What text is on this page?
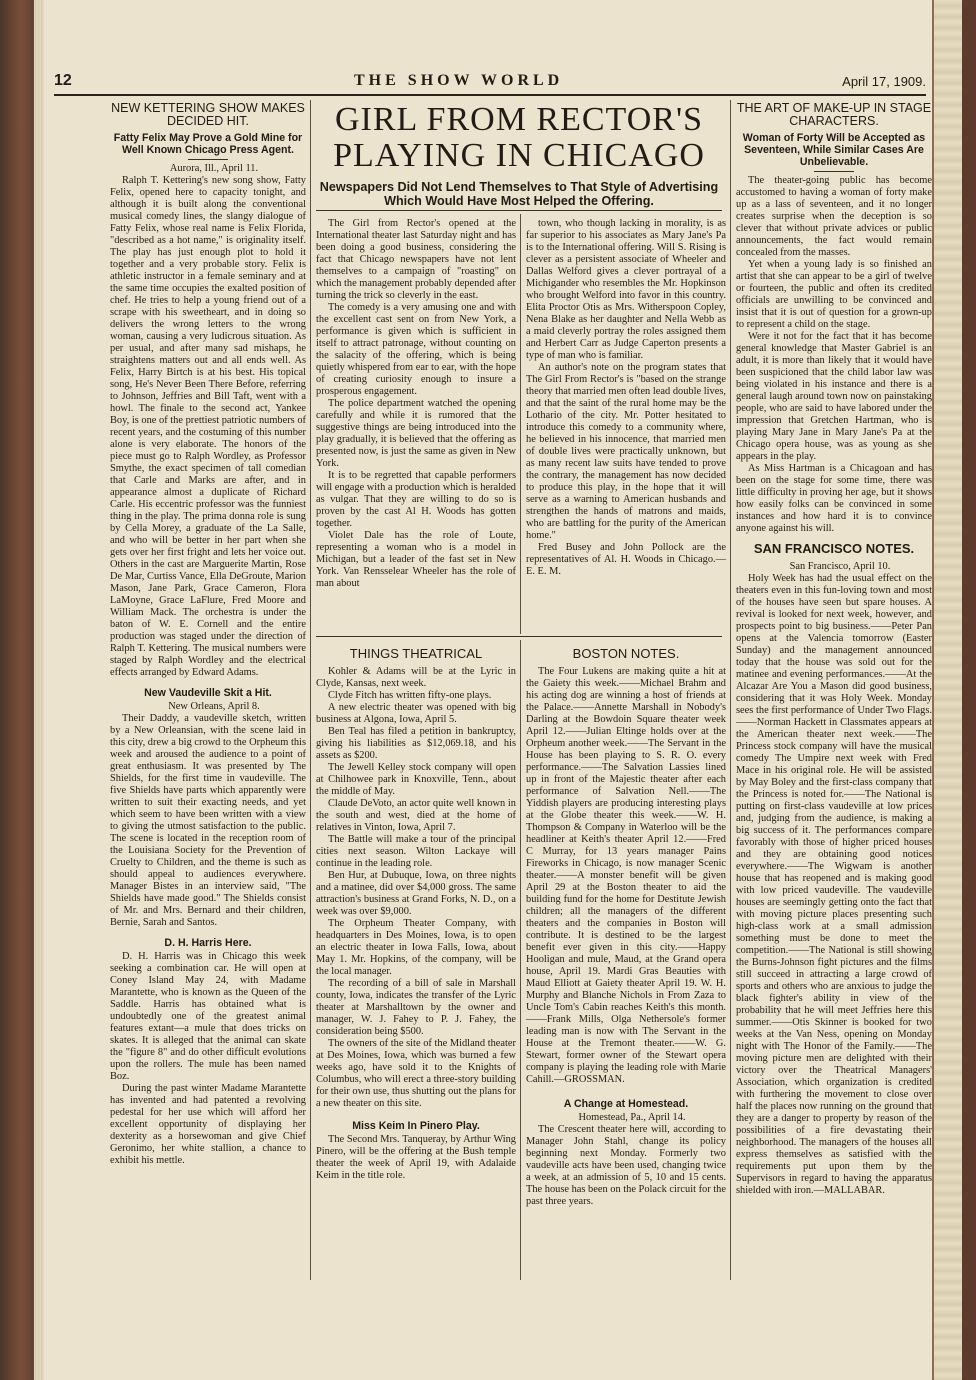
12	THE SHOW WORLD	April 17, 1909.
NEW KETTERING SHOW MAKES DECIDED HIT.
Fatty Felix May Prove a Gold Mine for Well Known Chicago Press Agent.

Aurora, Ill., April 11.

Ralph T. Kettering's new song show, Fatty Felix, opened here to capacity tonight, and although it is built along the conventional musical comedy lines, the slangy dialogue of Fatty Felix, whose real name is Felix Florida, "described as a hot name," is originality itself. The play has just enough plot to hold it together and a very probable story. Felix is athletic instructor in a female seminary and at the same time occupies the exalted position of chef. He tries to help a young friend out of a scrape with his sweetheart, and in doing so delivers the wrong letters to the wrong woman, causing a very ludicrous situation. As per usual, and after many sad mishaps, he straightens matters out and all ends well. As Felix, Harry Birtch is at his best. His topical song, He's Never Been There Before, referring to Johnson, Jeffries and Bill Taft, went with a howl. The finale to the second act, Yankee Boy, is one of the prettiest patriotic numbers of recent years, and the costuming of this number alone is very elaborate. The honors of the piece must go to Ralph Wordley, as Professor Smythe, the exact specimen of tall comedian that Carle and Marks are after, and in appearance almost a duplicate of Richard Carle. His eccentric professor was the funniest thing in the play. The prima donna role is sung by Cella Morey, a graduate of the La Salle, and who will be better in her part when she gets over her first fright and lets her voice out. Others in the cast are Marguerite Martin, Rose De Mar, Curtiss Vance, Ella DeGroute, Marion Mason, Jane Park, Grace Cameron, Flora LaMoyne, Grace LaFlure, Fred Moore and William Mack. The orchestra is under the baton of W. E. Cornell and the entire production was staged under the direction of Ralph T. Kettering. The musical numbers were staged by Ralph Wordley and the electrical effects arranged by Edward Adams.

New Vaudeville Skit a Hit.

New Orleans, April 8.

Their Daddy, a vaudeville sketch, written by a New Orleansian, with the scene laid in this city, drew a big crowd to the Orpheum this week and aroused the audience to a point of great enthusiasm. It was presented by The Shields, for the first time in vaudeville. The five Shields have parts which apparently were written to suit their exacting needs, and yet which seem to have been written with a view to giving the utmost satisfaction to the public. The scene is located in the reception room of the Louisiana Society for the Prevention of Cruelty to Children, and the theme is such as should appeal to audiences everywhere. Manager Bistes in an interview said, "The Shields have made good." The Shields consist of Mr. and Mrs. Bernard and their children, Bernie, Sarah and Santos.

D. H. Harris Here.

D. H. Harris was in Chicago this week seeking a combination car. He will open at Coney Island May 24, with Madame Marantette, who is known as the Queen of the Saddle. Harris has obtained what is undoubtedly one of the greatest animal features extant—a mule that does tricks on skates. It is alleged that the animal can skate the "figure 8" and do other difficult evolutions upon the rollers. The mule has been named Boz.

During the past winter Madame Marantette has invented and had patented a revolving pedestal for her use which will afford her excellent opportunity of displaying her dexterity as a horsewoman and give Chief Geronimo, her white stallion, a chance to exhibit his mettle.

GIRL FROM RECTOR'S
PLAYING IN CHICAGO
Newspapers Did Not Lend Themselves to That Style of Advertising Which Would Have Most Helped the Offering.

The Girl from Rector's opened at the International theater last Saturday night and has been doing a good business, considering the fact that Chicago newspapers have not lent themselves to a campaign of "roasting" on which the management probably depended after turning the trick so cleverly in the east.

The comedy is a very amusing one and with the excellent cast sent on from New York, a performance is given which is sufficient in itself to attract patronage, without counting on the salacity of the offering, which is being quietly whispered from ear to ear, with the hope of creating curiosity enough to insure a prosperous engagement.

The police department watched the opening carefully and while it is rumored that the suggestive things are being introduced into the play gradually, it is believed that the offering as presented now, is just the same as given in New York.

It is to be regretted that capable performers will engage with a production which is heralded as vulgar. That they are willing to do so is proven by the cast Al H. Woods has gotten together.

Violet Dale has the role of Loute, representing a woman who is a model in Michigan, but a leader of the fast set in New York. Van Rensselear Wheeler has the role of man about

town, who though lacking in morality, is as far superior to his associates as Mary Jane's Pa is to the International offering. Will S. Rising is clever as a persistent associate of Wheeler and Dallas Welford gives a clever portrayal of a Michigander who resembles the Mr. Hopkinson who brought Welford into favor in this country. Elita Proctor Otis as Mrs. Witherspoon Copley, Nena Blake as her daughter and Nella Webb as a maid cleverly portray the roles assigned them and Herbert Carr as Judge Caperton presents a type of man who is familiar.

An author's note on the program states that The Girl From Rector's is "based on the strange theory that married men often lead double lives, and that the saint of the rural home may be the Lothario of the city. Mr. Potter hesitated to introduce this comedy to a community where, he believed in his innocence, that married men of double lives were practically unknown, but as many recent law suits have tended to prove the contrary, the management has now decided to produce this play, in the hope that it will serve as a warning to American husbands and strengthen the hands of matrons and maids, who are battling for the purity of the American home."

Fred Busey and John Pollock are the representatives of Al. H. Woods in Chicago.—E. E. M.

THINGS THEATRICAL

Kohler & Adams will be at the Lyric in Clyde, Kansas, next week.

Clyde Fitch has written fifty-one plays.

A new electric theater was opened with big business at Algona, Iowa, April 5.

Ben Teal has filed a petition in bankruptcy, giving his liabilities as $12,069.18, and his assets as $200.

The Jewell Kelley stock company will open at Chilhowee park in Knoxville, Tenn., about the middle of May.

Claude DeVoto, an actor quite well known in the south and west, died at the home of relatives in Vinton, Iowa, April 7.

The Battle will make a tour of the principal cities next season. Wilton Lackaye will continue in the leading role.

Ben Hur, at Dubuque, Iowa, on three nights and a matinee, did over $4,000 gross. The same attraction's business at Grand Forks, N. D., on a week was over $9,000.

The Orpheum Theater Company, with headquarters in Des Moines, Iowa, is to open an electric theater in Iowa Falls, Iowa, about May 1. Mr. Hopkins, of the company, will be the local manager.

The recording of a bill of sale in Marshall county, Iowa, indicates the transfer of the Lyric theater at Marshalltown by the owner and manager, W. J. Fahey to P. J. Fahey, the consideration being $500.

The owners of the site of the Midland theater at Des Moines, Iowa, which was burned a few weeks ago, have sold it to the Knights of Columbus, who will erect a three-story building for their own use, thus shutting out the plans for a new theater on this site.

Miss Keim In Pinero Play.

The Second Mrs. Tanqueray, by Arthur Wing Pinero, will be the offering at the Bush temple theater the week of April 19, with Adalaide Keim in the title role.

BOSTON NOTES.

The Four Lukens are making quite a hit at the Gaiety this week.——Michael Brahm and his acting dog are winning a host of friends at the Palace.——Annette Marshall in Nobody's Darling at the Bowdoin Square theater week April 12.——Julian Eltinge holds over at the Orpheum another week.——The Servant in the House has been playing to S. R. O. every performance.——The Salvation Lassies lined up in front of the Majestic theater after each performance of Salvation Nell.——The Yiddish players are producing interesting plays at the Globe theater this week.——W. H. Thompson & Company in Waterloo will be the headliner at Keith's theater April 12.——Fred C Murray, for 13 years manager Pains Fireworks in Chicago, is now manager Scenic theater.——A monster benefit will be given April 29 at the Boston theater to aid the building fund for the home for Destitute Jewish children; all the managers of the different theaters and the companies in Boston will contribute. It is destined to be the largest benefit ever given in this city.——Happy Hooligan and mule, Maud, at the Grand opera house, April 19. Mardi Gras Beauties with Maud Elliott at Gaiety theater April 19. W. H. Murphy and Blanche Nichols in From Zaza to Uncle Tom's Cabin reaches Keith's this month.——Frank Mills, Olga Nethersole's former leading man is now with The Servant in the House at the Tremont theater.——W. G. Stewart, former owner of the Stewart opera company is playing the leading role with Marie Cahill.—GROSSMAN.

A Change at Homestead.

Homestead, Pa., April 14.

The Crescent theater here will, according to Manager John Stahl, change its policy beginning next Monday. Formerly two vaudeville acts have been used, changing twice a week, at an admission of 5, 10 and 15 cents. The house has been on the Polack circuit for the past three years.

THE ART OF MAKE-UP IN STAGE CHARACTERS.
Woman of Forty Will be Accepted as Seventeen, While Similar Cases Are Unbelievable.

The theater-going public has become accustomed to having a woman of forty make up as a lass of seventeen, and it no longer creates surprise when the deception is so clever that without private advices or public announcements, the fact would remain concealed from the masses.

Yet when a young lady is so finished an artist that she can appear to be a girl of twelve or fourteen, the public and often its credited officials are unwilling to be convinced and insist that it is out of question for a grown-up to represent a child on the stage.

Were it not for the fact that it has become general knowledge that Master Gabriel is an adult, it is more than likely that it would have been suspicioned that the child labor law was being violated in his instance and there is a general laugh around town now on painstaking people, who are said to have labored under the impression that Gretchen Hartman, who is playing Mary Jane in Mary Jane's Pa at the Chicago opera house, was as young as she appears in the play.

As Miss Hartman is a Chicagoan and has been on the stage for some time, there was little difficulty in proving her age, but it shows how easily folks can be convinced in some instances and how hard it is to convince anyone against his will.

SAN FRANCISCO NOTES.

San Francisco, April 10.

Holy Week has had the usual effect on the theaters even in this fun-loving town and most of the houses have seen but spare houses. A revival is looked for next week, however, and prospects point to big business.——Peter Pan opens at the Valencia tomorrow (Easter Sunday) and the management announced today that the house was sold out for the matinee and evening performances.——At the Alcazar Are You a Mason did good business, considering that it was Holy Week. Monday sees the first performance of Under Two Flags.——Norman Hackett in Classmates appears at the American theater next week.——The Princess stock company will have the musical comedy The Umpire next week with Fred Mace in his original role. He will be assisted by May Boley and the first-class company that the Princess is noted for.——The National is putting on first-class vaudeville at low prices and, judging from the audience, is making a big success of it. The performances compare favorably with those of higher priced houses and they are obtaining good notices everywhere.——The Wigwam is another house that has reopened and is making good with low priced vaudeville. The vaudeville houses are seemingly getting onto the fact that with moving picture places presenting such high-class work at a small admission something must be done to meet the competition.——The National is still showing the Burns-Johnson fight pictures and the films still succeed in attracting a large crowd of sports and others who are anxious to judge the black fighter's ability in view of the probability that he will meet Jeffries here this summer.——Otis Skinner is booked for two weeks at the Van Ness, opening on Monday night with The Honor of the Family.——The moving picture men are delighted with their victory over the Theatrical Managers' Association, which organization is credited with furthering the movement to close over half the places now running on the ground that they are a danger to property by reason of the possibilities of a fire devastating their neighborhood. The managers of the houses all express themselves as satisfied with the requirements put upon them by the Supervisors in regard to having the apparatus shielded with iron.—MALLABAR.
